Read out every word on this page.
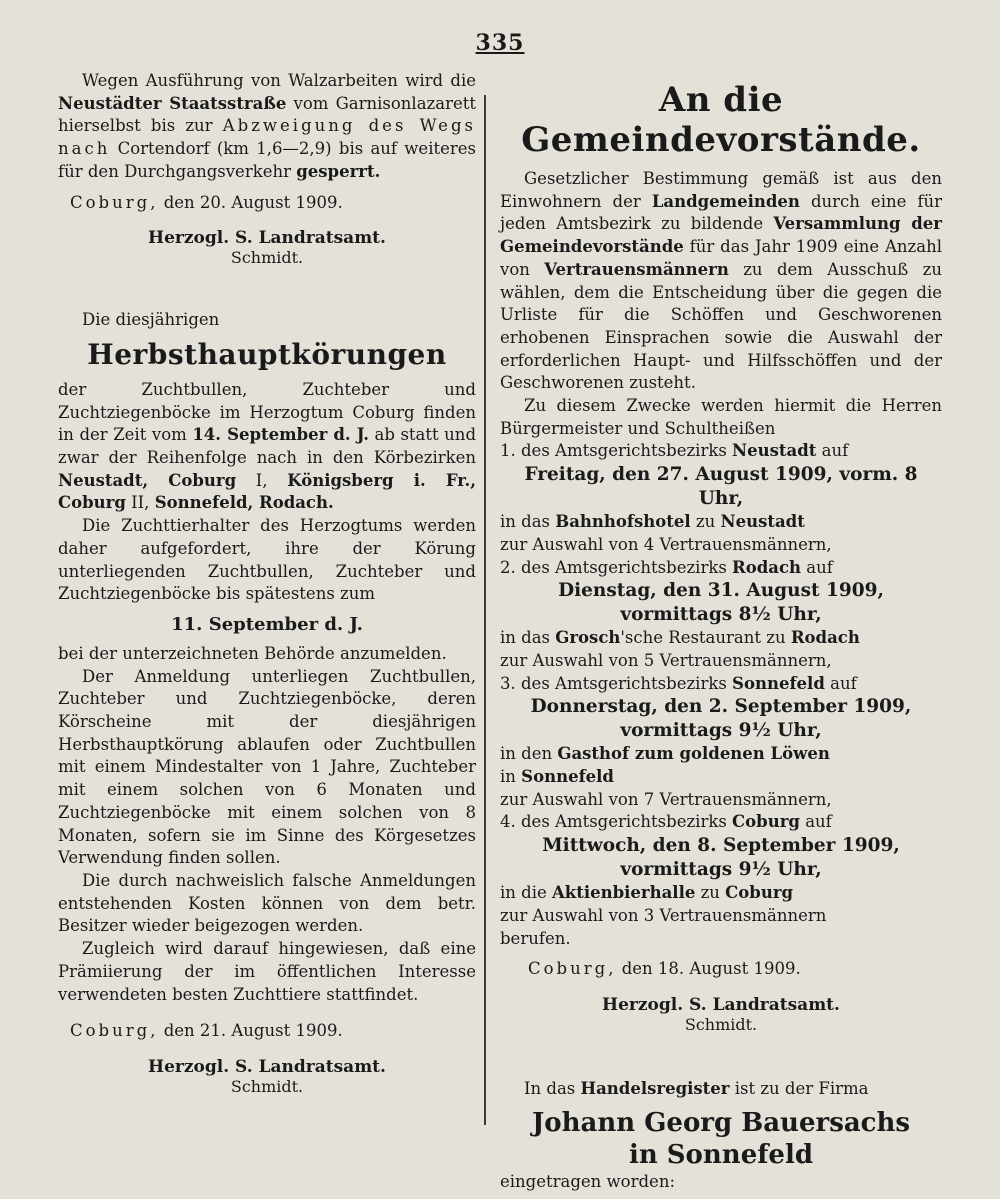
335

Wegen Ausführung von Walzarbeiten wird die Neustädter Staatsstraße vom Garnisonlazarett hierselbst bis zur Abzweigung des Wegs nach Cortendorf (km 1,6—2,9) bis auf weiteres für den Durchgangsverkehr gesperrt.

Coburg, den 20. August 1909.

Herzogl. S. Landratsamt.
Schmidt.

Die diesjährigen

Herbsthauptkörungen

der Zuchtbullen, Zuchteber und Zuchtziegenböcke im Herzogtum Coburg finden in der Zeit vom 14. September d. J. ab statt und zwar der Reihenfolge nach in den Körbezirken Neustadt, Coburg I, Königsberg i. Fr., Coburg II, Sonnefeld, Rodach.

Die Zuchttierhalter des Herzogtums werden daher aufgefordert, ihre der Körung unterliegenden Zuchtbullen, Zuchteber und Zuchtziegenböcke bis spätestens zum

11. September d. J.

bei der unterzeichneten Behörde anzumelden.

Der Anmeldung unterliegen Zuchtbullen, Zuchteber und Zuchtziegenböcke, deren Körscheine mit der diesjährigen Herbsthauptkörung ablaufen oder Zuchtbullen mit einem Mindestalter von 1 Jahre, Zuchteber mit einem solchen von 6 Monaten und Zuchtziegenböcke mit einem solchen von 8 Monaten, sofern sie im Sinne des Körgesetzes Verwendung finden sollen.

Die durch nachweislich falsche Anmeldungen entstehenden Kosten können von dem betr. Besitzer wieder beigezogen werden.

Zugleich wird darauf hingewiesen, daß eine Prämiierung der im öffentlichen Interesse verwendeten besten Zuchttiere stattfindet.

Coburg, den 21. August 1909.

Herzogl. S. Landratsamt.
Schmidt.
An die Gemeindevorstände.

Gesetzlicher Bestimmung gemäß ist aus den Einwohnern der Landgemeinden durch eine für jeden Amtsbezirk zu bildende Versammlung der Gemeindevorstände für das Jahr 1909 eine Anzahl von Vertrauensmännern zu dem Ausschuß zu wählen, dem die Entscheidung über die gegen die Urliste für die Schöffen und Geschworenen erhobenen Einsprachen sowie die Auswahl der erforderlichen Haupt- und Hilfsschöffen und der Geschworenen zusteht.

Zu diesem Zwecke werden hiermit die Herren Bürgermeister und Schultheißen

1. des Amtsgerichtsbezirks Neustadt auf

Freitag, den 27. August 1909, vorm. 8 Uhr,

in das Bahnhofshotel zu Neustadt

zur Auswahl von 4 Vertrauensmännern,

2. des Amtsgerichtsbezirks Rodach auf

Dienstag, den 31. August 1909,
vormittags 8½ Uhr,

in das Grosch'sche Restaurant zu Rodach

zur Auswahl von 5 Vertrauensmännern,

3. des Amtsgerichtsbezirks Sonnefeld auf

Donnerstag, den 2. September 1909,
vormittags 9½ Uhr,

in den Gasthof zum goldenen Löwen

in Sonnefeld

zur Auswahl von 7 Vertrauensmännern,

4. des Amtsgerichtsbezirks Coburg auf

Mittwoch, den 8. September 1909,
vormittags 9½ Uhr,

in die Aktienbierhalle zu Coburg

zur Auswahl von 3 Vertrauensmännern

berufen.

Coburg, den 18. August 1909.

Herzogl. S. Landratsamt.
Schmidt.

In das Handelsregister ist zu der Firma

Johann Georg Bauersachs
in Sonnefeld

eingetragen worden:
